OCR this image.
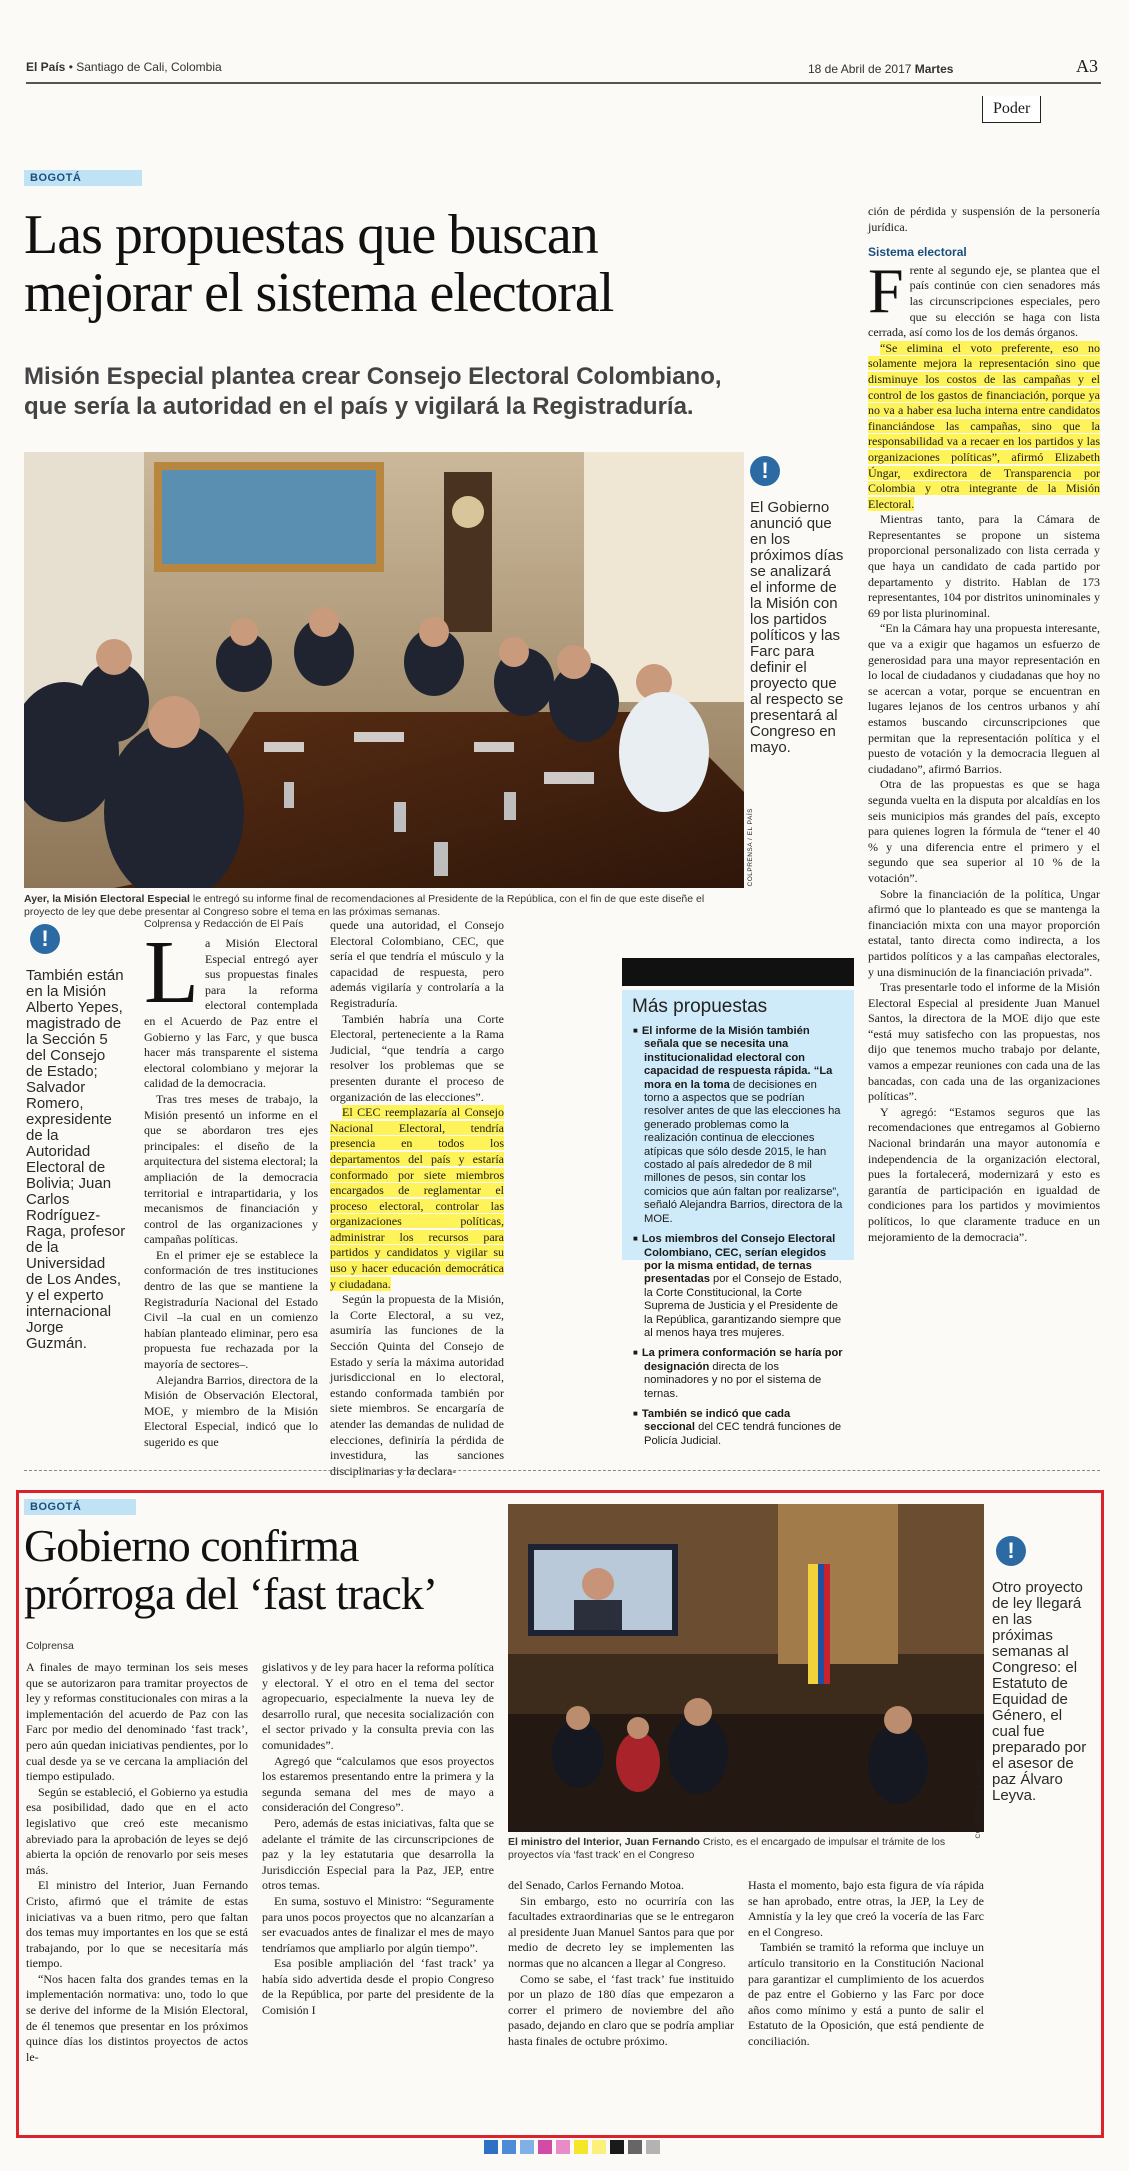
El País • Santiago de Cali, Colombia	18 de Abril de 2017 Martes	A3
Poder
BOGOTÁ
Las propuestas que buscan
mejorar el sistema electoral
Misión Especial plantea crear Consejo Electoral Colombiano,
que sería la autoridad en el país y vigilará la Registraduría.
COLPRENSA / EL PAÍS
Ayer, la Misión Electoral Especial le entregó su informe final de recomendaciones al Presidente de la República, con el fin de que este diseñe el proyecto de ley que debe presentar al Congreso sobre el tema en las próximas semanas.
!
El Gobierno anunció que en los próximos días se analizará el informe de la Misión con los partidos políticos y las Farc para definir el proyecto que al respecto se presentará al Congreso en mayo.
!
También están en la Misión Alberto Yepes, magistrado de la Sección 5 del Consejo de Estado; Salvador Romero, expresidente de la Autoridad Electoral de Bolivia; Juan Carlos Rodríguez-Raga, profesor de la Universidad de Los Andes, y el experto internacional Jorge Guzmán.
Colprensa y Redacción de El País
L a Misión Electoral Especial entregó ayer sus propuestas finales para la reforma electoral contemplada en el Acuerdo de Paz entre el Gobierno y las Farc, y que busca hacer más transparente el sistema electoral colombiano y mejorar la calidad de la democracia.

Tras tres meses de trabajo, la Misión presentó un informe en el que se abordaron tres ejes principales: el diseño de la arquitectura del sistema electoral; la ampliación de la democracia territorial e intrapartidaria, y los mecanismos de financiación y control de las organizaciones y campañas políticas.

En el primer eje se establece la conformación de tres instituciones dentro de las que se mantiene la Registraduría Nacional del Estado Civil –la cual en un comienzo habían planteado eliminar, pero esa propuesta fue rechazada por la mayoría de sectores–.

Alejandra Barrios, directora de la Misión de Observación Electoral, MOE, y miembro de la Misión Electoral Especial, indicó que lo sugerido es que

quede una autoridad, el Consejo Electoral Colombiano, CEC, que sería el que tendría el músculo y la capacidad de respuesta, pero además vigilaría y controlaría a la Registraduría.

También habría una Corte Electoral, perteneciente a la Rama Judicial, “que tendría a cargo resolver los problemas que se presenten durante el proceso de organización de las elecciones”.

El CEC reemplazaría al Consejo Nacional Electoral, tendría presencia en todos los departamentos del país y estaría conformado por siete miembros encargados de reglamentar el proceso electoral, controlar las organizaciones políticas, administrar los recursos para partidos y candidatos y vigilar su uso y hacer educación democrática y ciudadana.

Según la propuesta de la Misión, la Corte Electoral, a su vez, asumiría las funciones de la Sección Quinta del Consejo de Estado y sería la máxima autoridad jurisdiccional en lo electoral, estando conformada también por siete miembros. Se encargaría de atender las demandas de nulidad de elecciones, definiría la pérdida de investidura, las sanciones disciplinarias y la declara-

Más propuestas
■ El informe de la Misión también señala que se necesita una institucionalidad electoral con capacidad de respuesta rápida. “La mora en la toma de decisiones en torno a aspectos que se podrían resolver antes de que las elecciones ha generado problemas como la realización continua de elecciones atípicas que sólo desde 2015, le han costado al país alrededor de 8 mil millones de pesos, sin contar los comicios que aún faltan por realizarse”, señaló Alejandra Barrios, directora de la MOE.
■ Los miembros del Consejo Electoral Colombiano, CEC, serían elegidos por la misma entidad, de ternas presentadas por el Consejo de Estado, la Corte Constitucional, la Corte Suprema de Justicia y el Presidente de la República, garantizando siempre que al menos haya tres mujeres.
■ La primera conformación se haría por designación directa de los nominadores y no por el sistema de ternas.
■ También se indicó que cada seccional del CEC tendrá funciones de Policía Judicial.

ción de pérdida y suspensión de la personería jurídica.

Sistema electoral
F rente al segundo eje, se plantea que el país continúe con cien senadores más las circunscripciones especiales, pero que su elección se haga con lista cerrada, así como los de los demás órganos.

“Se elimina el voto preferente, eso no solamente mejora la representación sino que disminuye los costos de las campañas y el control de los gastos de financiación, porque ya no va a haber esa lucha interna entre candidatos financiándose las campañas, sino que la responsabilidad va a recaer en los partidos y las organizaciones políticas”, afirmó Elizabeth Úngar, exdirectora de Transparencia por Colombia y otra integrante de la Misión Electoral.

Mientras tanto, para la Cámara de Representantes se propone un sistema proporcional personalizado con lista cerrada y que haya un candidato de cada partido por departamento y distrito. Hablan de 173 representantes, 104 por distritos uninominales y 69 por lista plurinominal.

“En la Cámara hay una propuesta interesante, que va a exigir que hagamos un esfuerzo de generosidad para una mayor representación en lo local de ciudadanos y ciudadanas que hoy no se acercan a votar, porque se encuentran en lugares lejanos de los centros urbanos y ahí estamos buscando circunscripciones que permitan que la representación política y el puesto de votación y la democracia lleguen al ciudadano”, afirmó Barrios.

Otra de las propuestas es que se haga segunda vuelta en la disputa por alcaldías en los seis municipios más grandes del país, excepto para quienes logren la fórmula de “tener el 40 % y una diferencia entre el primero y el segundo que sea superior al 10 % de la votación”.

Sobre la financiación de la política, Ungar afirmó que lo planteado es que se mantenga la financiación mixta con una mayor proporción estatal, tanto directa como indirecta, a los partidos políticos y a las campañas electorales, y una disminución de la financiación privada”.

Tras presentarle todo el informe de la Misión Electoral Especial al presidente Juan Manuel Santos, la directora de la MOE dijo que este “está muy satisfecho con las propuestas, nos dijo que tenemos mucho trabajo por delante, vamos a empezar reuniones con cada una de las bancadas, con cada una de las organizaciones políticas”.

Y agregó: “Estamos seguros que las recomendaciones que entregamos al Gobierno Nacional brindarán una mayor autonomía e independencia de la organización electoral, pues la fortalecerá, modernizará y esto es garantía de participación en igualdad de condiciones para los partidos y movimientos políticos, lo que claramente traduce en un mejoramiento de la democracia”.

BOGOTÁ
Gobierno confirma
prórroga del ‘fast track’
Colprensa

A finales de mayo terminan los seis meses que se autorizaron para tramitar proyectos de ley y reformas constitucionales con miras a la implementación del acuerdo de Paz con las Farc por medio del denominado ‘fast track’, pero aún quedan iniciativas pendientes, por lo cual desde ya se ve cercana la ampliación del tiempo estipulado.

Según se estableció, el Gobierno ya estudia esa posibilidad, dado que en el acto legislativo que creó este mecanismo abreviado para la aprobación de leyes se dejó abierta la opción de renovarlo por seis meses más.

El ministro del Interior, Juan Fernando Cristo, afirmó que el trámite de estas iniciativas va a buen ritmo, pero que faltan dos temas muy importantes en los que se está trabajando, por lo que se necesitaría más tiempo.

“Nos hacen falta dos grandes temas en la implementación normativa: uno, todo lo que se derive del informe de la Misión Electoral, de él tenemos que presentar en los próximos quince días los distintos proyectos de actos le-

gislativos y de ley para hacer la reforma política y electoral. Y el otro en el tema del sector agropecuario, especialmente la nueva ley de desarrollo rural, que necesita socialización con el sector privado y la consulta previa con las comunidades”.

Agregó que “calculamos que esos proyectos los estaremos presentando entre la primera y la segunda semana del mes de mayo a consideración del Congreso”.

Pero, además de estas iniciativas, falta que se adelante el trámite de las circunscripciones de paz y la ley estatutaria que desarrolla la Jurisdicción Especial para la Paz, JEP, entre otros temas.

En suma, sostuvo el Ministro: “Seguramente para unos pocos proyectos que no alcanzarían a ser evacuados antes de finalizar el mes de mayo tendríamos que ampliarlo por algún tiempo”.

Esa posible ampliación del ‘fast track’ ya había sido advertida desde el propio Congreso de la República, por parte del presidente de la Comisión I

COLPRENSA / EL PAÍS
El ministro del Interior, Juan Fernando Cristo, es el encargado de impulsar el trámite de los proyectos vía ‘fast track’ en el Congreso
!
Otro proyecto de ley llegará en las próximas semanas al Congreso: el Estatuto de Equidad de Género, el cual fue preparado por el asesor de paz Álvaro Leyva.

del Senado, Carlos Fernando Motoa.

Sin embargo, esto no ocurriría con las facultades extraordinarias que se le entregaron al presidente Juan Manuel Santos para que por medio de decreto ley se implementen las normas que no alcancen a llegar al Congreso.

Como se sabe, el ‘fast track’ fue instituido por un plazo de 180 días que empezaron a correr el primero de noviembre del año pasado, dejando en claro que se podría ampliar hasta finales de octubre próximo.

Hasta el momento, bajo esta figura de vía rápida se han aprobado, entre otras, la JEP, la Ley de Amnistía y la ley que creó la vocería de las Farc en el Congreso.

También se tramitó la reforma que incluye un artículo transitorio en la Constitución Nacional para garantizar el cumplimiento de los acuerdos de paz entre el Gobierno y las Farc por doce años como mínimo y está a punto de salir el Estatuto de la Oposición, que está pendiente de conciliación.
